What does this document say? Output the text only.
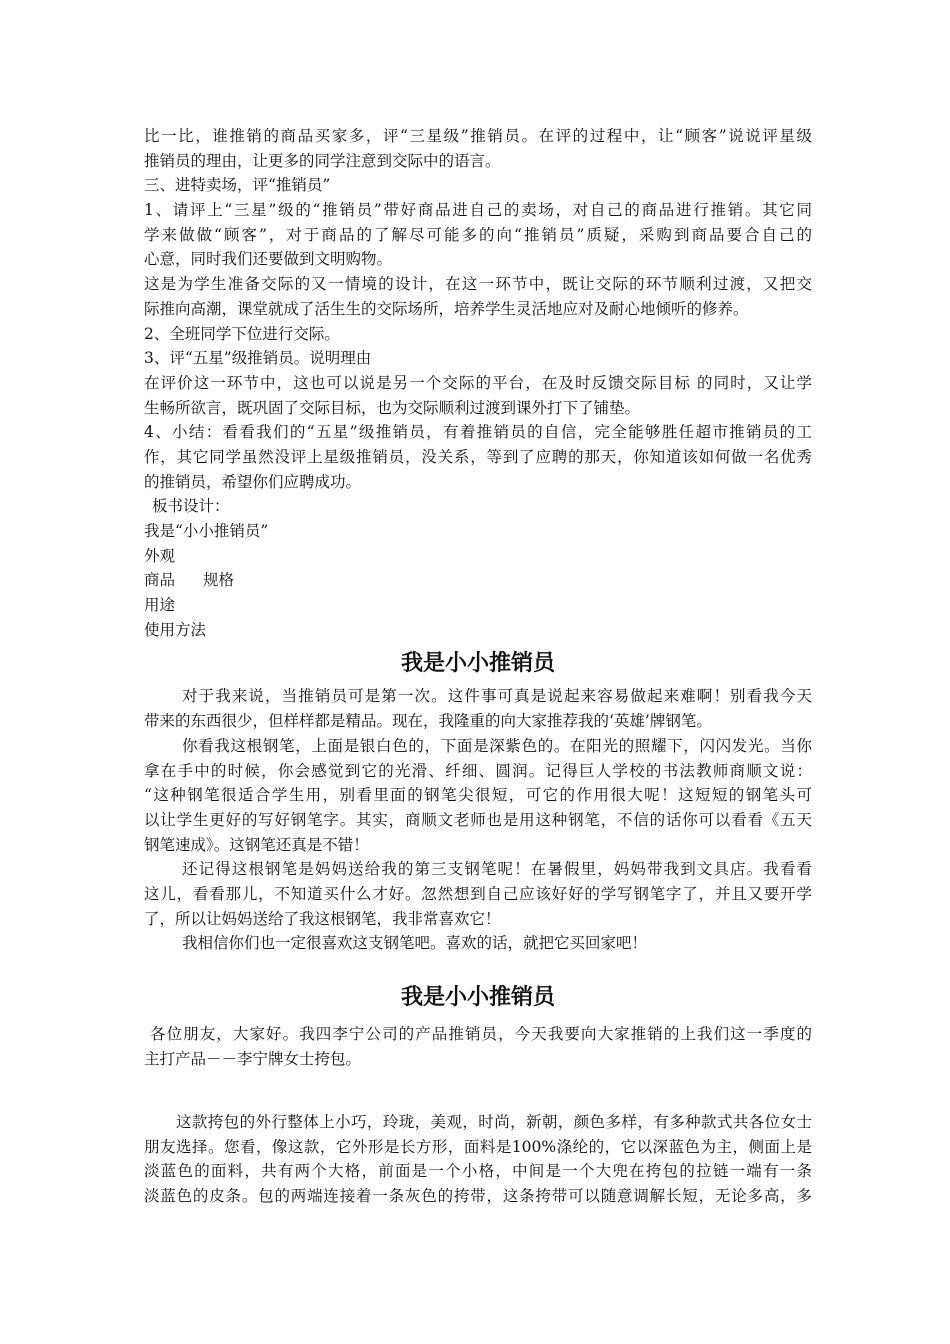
比一比，谁推销的商品买家多，评“三星级”推销员。在评的过程中，让“顾客”说说评星级
推销员的理由，让更多的同学注意到交际中的语言。
三、进特卖场，评“推销员”
1、请评上“三星”级的“推销员”带好商品进自己的卖场，对自己的商品进行推销。其它同
学来做做“顾客”，对于商品的了解尽可能多的向“推销员”质疑，采购到商品要合自己的
心意，同时我们还要做到文明购物。
这是为学生准备交际的又一情境的设计，在这一环节中，既让交际的环节顺利过渡，又把交
际推向高潮，课堂就成了活生生的交际场所，培养学生灵活地应对及耐心地倾听的修养。
2、全班同学下位进行交际。
3、评“五星”级推销员。说明理由
在评价这一环节中，这也可以说是另一个交际的平台，在及时反馈交际目标 的同时，又让学
生畅所欲言，既巩固了交际目标，也为交际顺利过渡到课外打下了铺垫。
4、小结：看看我们的“五星”级推销员，有着推销员的自信，完全能够胜任超市推销员的工
作，其它同学虽然没评上星级推销员，没关系，等到了应聘的那天，你知道该如何做一名优秀
的推销员，希望你们应聘成功。
板书设计：
我是“小小推销员”
外观
商品 规格
用途
使用方法
我是小小推销员
对于我来说，当推销员可是第一次。这件事可真是说起来容易做起来难啊！别看我今天
带来的东西很少，但样样都是精品。现在，我隆重的向大家推荐我的‘英雄’牌钢笔。
你看我这根钢笔，上面是银白色的，下面是深紫色的。在阳光的照耀下，闪闪发光。当你
拿在手中的时候，你会感觉到它的光滑、纤细、圆润。记得巨人学校的书法教师商顺文说：
“这种钢笔很适合学生用，别看里面的钢笔尖很短，可它的作用很大呢！这短短的钢笔头可
以让学生更好的写好钢笔字。其实，商顺文老师也是用这种钢笔，不信的话你可以看看《五天
钢笔速成》。这钢笔还真是不错！
还记得这根钢笔是妈妈送给我的第三支钢笔呢！在暑假里，妈妈带我到文具店。我看看
这儿，看看那儿，不知道买什么才好。忽然想到自己应该好好的学写钢笔字了，并且又要开学
了，所以让妈妈送给了我这根钢笔，我非常喜欢它！
我相信你们也一定很喜欢这支钢笔吧。喜欢的话，就把它买回家吧！
我是小小推销员
各位朋友，大家好。我四李宁公司的产品推销员，今天我要向大家推销的上我们这一季度的
主打产品－－李宁牌女士挎包。
这款挎包的外行整体上小巧，玲珑，美观，时尚，新朝，颜色多样，有多种款式共各位女士
朋友选择。您看，像这款，它外形是长方形，面料是100%涤纶的，它以深蓝色为主，侧面上是
淡蓝色的面料，共有两个大格，前面是一个小格，中间是一个大兜在挎包的拉链一端有一条
淡蓝色的皮条。包的两端连接着一条灰色的挎带，这条挎带可以随意调解长短，无论多高，多
